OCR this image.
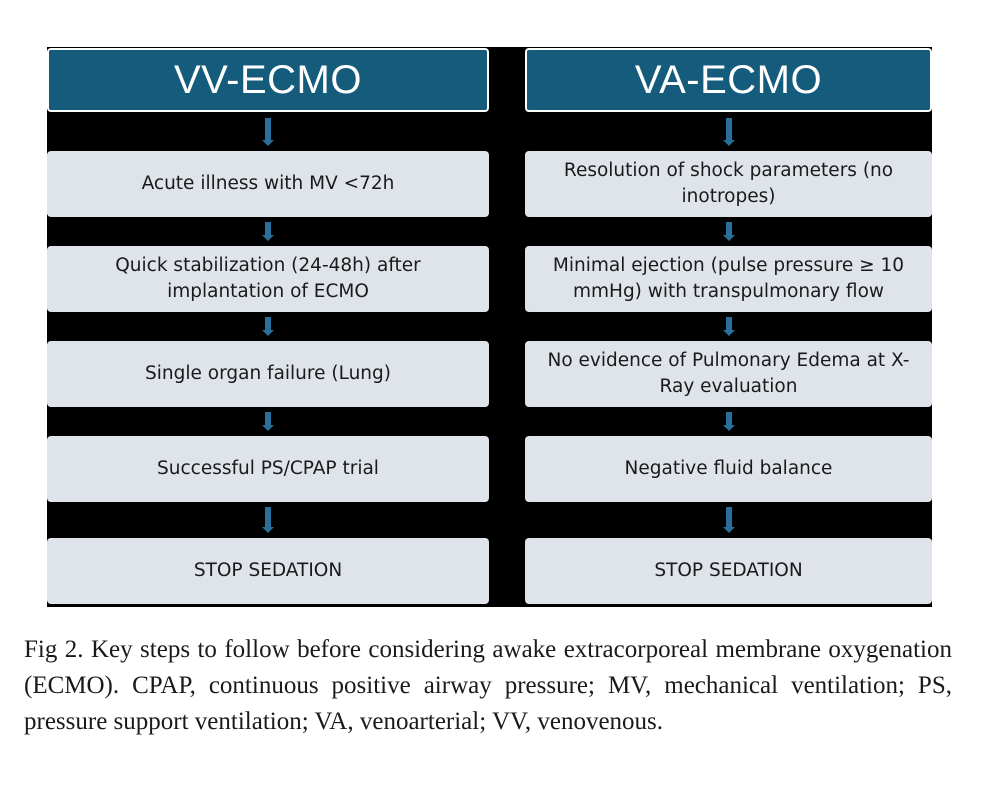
VV-ECMO
Acute illness with MV <72h
Quick stabilization (24-48h) after implantation of ECMO
Single organ failure (Lung)
Successful PS/CPAP trial
STOP SEDATION
VA-ECMO
Resolution of shock parameters (no inotropes)
Minimal ejection (pulse pressure ≥ 10 mmHg) with transpulmonary flow
No evidence of Pulmonary Edema at X-Ray evaluation
Negative fluid balance
STOP SEDATION
Fig 2. Key steps to follow before considering awake extracorporeal membrane oxygenation (ECMO). CPAP, continuous positive airway pressure; MV, mechanical ventilation; PS, pressure support ventilation; VA, venoarterial; VV, venovenous.
